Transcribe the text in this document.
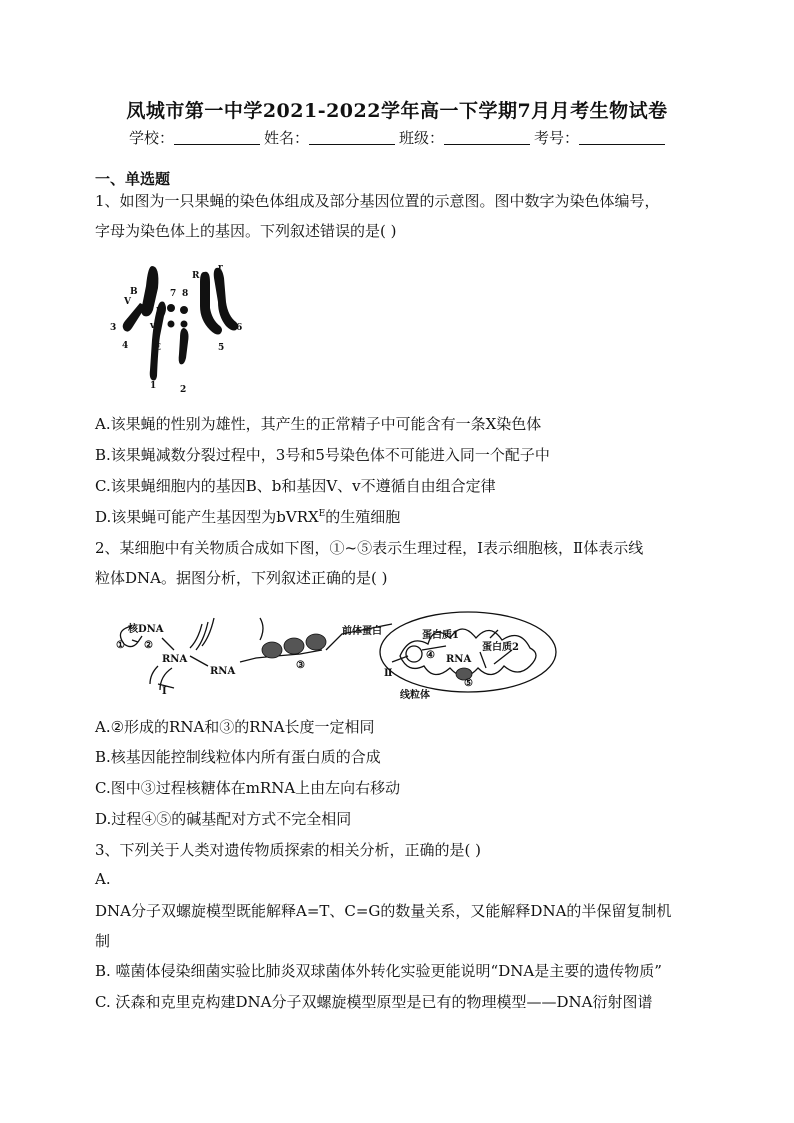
凤城市第一中学2021-2022学年高一下学期7月月考生物试卷
学校：	姓名：	班级：	考号：
一、单选题
1、如图为一只果蝇的染色体组成及部分基因位置的示意图。图中数字为染色体编号，
字母为染色体上的基因。下列叙述错误的是( )
B
V
b
v
E
R
r
7 8
3
4
1	2
5
6
A.该果蝇的性别为雄性，其产生的正常精子中可能含有一条X染色体
B.该果蝇减数分裂过程中，3号和5号染色体不可能进入同一个配子中
C.该果蝇细胞内的基因B、b和基因V、v不遵循自由组合定律
D.该果蝇可能产生基因型为bVRX$^E$的生殖细胞
2、某细胞中有关物质合成如下图，①~⑤表示生理过程，Ⅰ表示细胞核，Ⅱ体表示线
粒体DNA。据图分析，下列叙述正确的是( )
核DNA
① ②
RNA
RNA
Ⅰ
③
前体蛋白	蛋白质1
蛋白质2
④ RNA
⑤
Ⅱ
线粒体
A.②形成的RNA和③的RNA长度一定相同
B.核基因能控制线粒体内所有蛋白质的合成
C.图中③过程核糖体在mRNA上由左向右移动
D.过程④⑤的碱基配对方式不完全相同
3、下列关于人类对遗传物质探索的相关分析，正确的是( )
A.
DNA分子双螺旋模型既能解释A=T、C=G的数量关系，又能解释DNA的半保留复制机
制
B. 噬菌体侵染细菌实验比肺炎双球菌体外转化实验更能说明“DNA是主要的遗传物质”
C. 沃森和克里克构建DNA分子双螺旋模型原型是已有的物理模型——DNA衍射图谱
